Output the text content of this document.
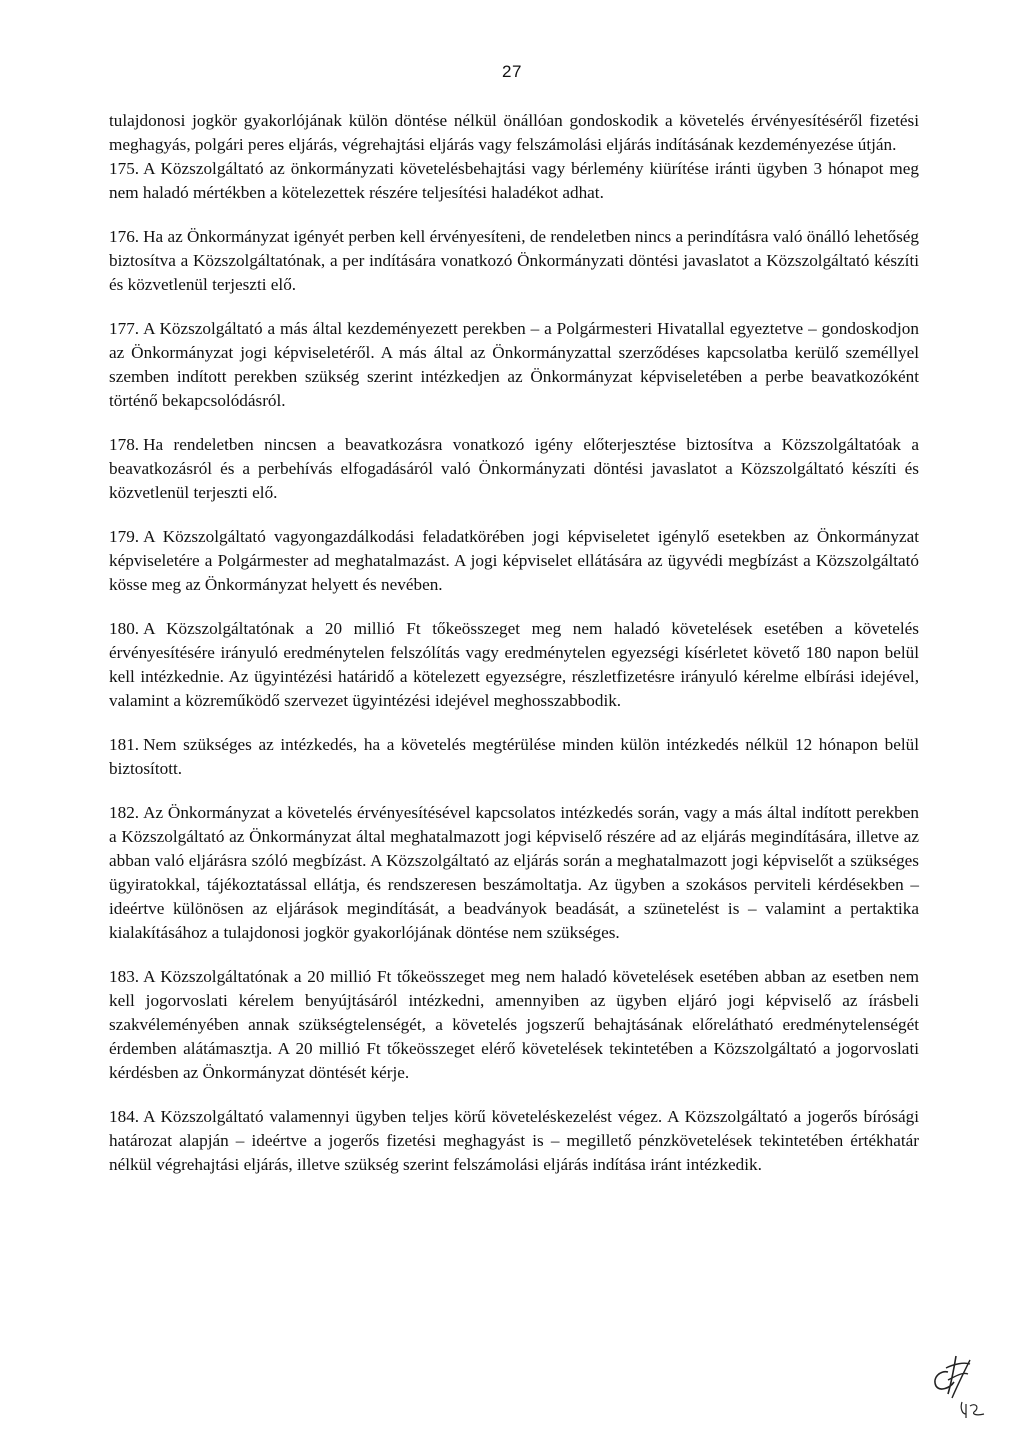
27

tulajdonosi jogkör gyakorlójának külön döntése nélkül önállóan gondoskodik a követelés érvényesítéséről fizetési meghagyás, polgári peres eljárás, végrehajtási eljárás vagy felszámolási eljárás indításának kezdeményezése útján.

175. A Közszolgáltató az önkormányzati követelésbehajtási vagy bérlemény kiürítése iránti ügyben 3 hónapot meg nem haladó mértékben a kötelezettek részére teljesítési haladékot adhat.

176. Ha az Önkormányzat igényét perben kell érvényesíteni, de rendeletben nincs a perindításra való önálló lehetőség biztosítva a Közszolgáltatónak, a per indítására vonatkozó Önkormányzati döntési javaslatot a Közszolgáltató készíti és közvetlenül terjeszti elő.

177. A Közszolgáltató a más által kezdeményezett perekben – a Polgármesteri Hivatallal egyeztetve – gondoskodjon az Önkormányzat jogi képviseletéről. A más által az Önkormányzattal szerződéses kapcsolatba kerülő személlyel szemben indított perekben szükség szerint intézkedjen az Önkormányzat képviseletében a perbe beavatkozóként történő bekapcsolódásról.

178. Ha rendeletben nincsen a beavatkozásra vonatkozó igény előterjesztése biztosítva a Közszolgáltatóak a beavatkozásról és a perbehívás elfogadásáról való Önkormányzati döntési javaslatot a Közszolgáltató készíti és közvetlenül terjeszti elő.

179. A Közszolgáltató vagyongazdálkodási feladatkörében jogi képviseletet igénylő esetekben az Önkormányzat képviseletére a Polgármester ad meghatalmazást. A jogi képviselet ellátására az ügyvédi megbízást a Közszolgáltató kösse meg az Önkormányzat helyett és nevében.

180. A Közszolgáltatónak a 20 millió Ft tőkeösszeget meg nem haladó követelések esetében a követelés érvényesítésére irányuló eredménytelen felszólítás vagy eredménytelen egyezségi kísérletet követő 180 napon belül kell intézkednie. Az ügyintézési határidő a kötelezett egyezségre, részletfizetésre irányuló kérelme elbírási idejével, valamint a közreműködő szervezet ügyintézési idejével meghosszabbodik.

181. Nem szükséges az intézkedés, ha a követelés megtérülése minden külön intézkedés nélkül 12 hónapon belül biztosított.

182. Az Önkormányzat a követelés érvényesítésével kapcsolatos intézkedés során, vagy a más által indított perekben a Közszolgáltató az Önkormányzat által meghatalmazott jogi képviselő részére ad az eljárás megindítására, illetve az abban való eljárásra szóló megbízást. A Közszolgáltató az eljárás során a meghatalmazott jogi képviselőt a szükséges ügyiratokkal, tájékoztatással ellátja, és rendszeresen beszámoltatja. Az ügyben a szokásos perviteli kérdésekben – ideértve különösen az eljárások megindítását, a beadványok beadását, a szünetelést is – valamint a pertaktika kialakításához a tulajdonosi jogkör gyakorlójának döntése nem szükséges.

183. A Közszolgáltatónak a 20 millió Ft tőkeösszeget meg nem haladó követelések esetében abban az esetben nem kell jogorvoslati kérelem benyújtásáról intézkedni, amennyiben az ügyben eljáró jogi képviselő az írásbeli szakvéleményében annak szükségtelenségét, a követelés jogszerű behajtásának előrelátható eredménytelenségét érdemben alátámasztja. A 20 millió Ft tőkeösszeget elérő követelések tekintetében a Közszolgáltató a jogorvoslati kérdésben az Önkormányzat döntését kérje.

184. A Közszolgáltató valamennyi ügyben teljes körű követeléskezelést végez. A Közszolgáltató a jogerős bírósági határozat alapján – ideértve a jogerős fizetési meghagyást is – megillető pénzkövetelések tekintetében értékhatár nélkül végrehajtási eljárás, illetve szükség szerint felszámolási eljárás indítása iránt intézkedik.
